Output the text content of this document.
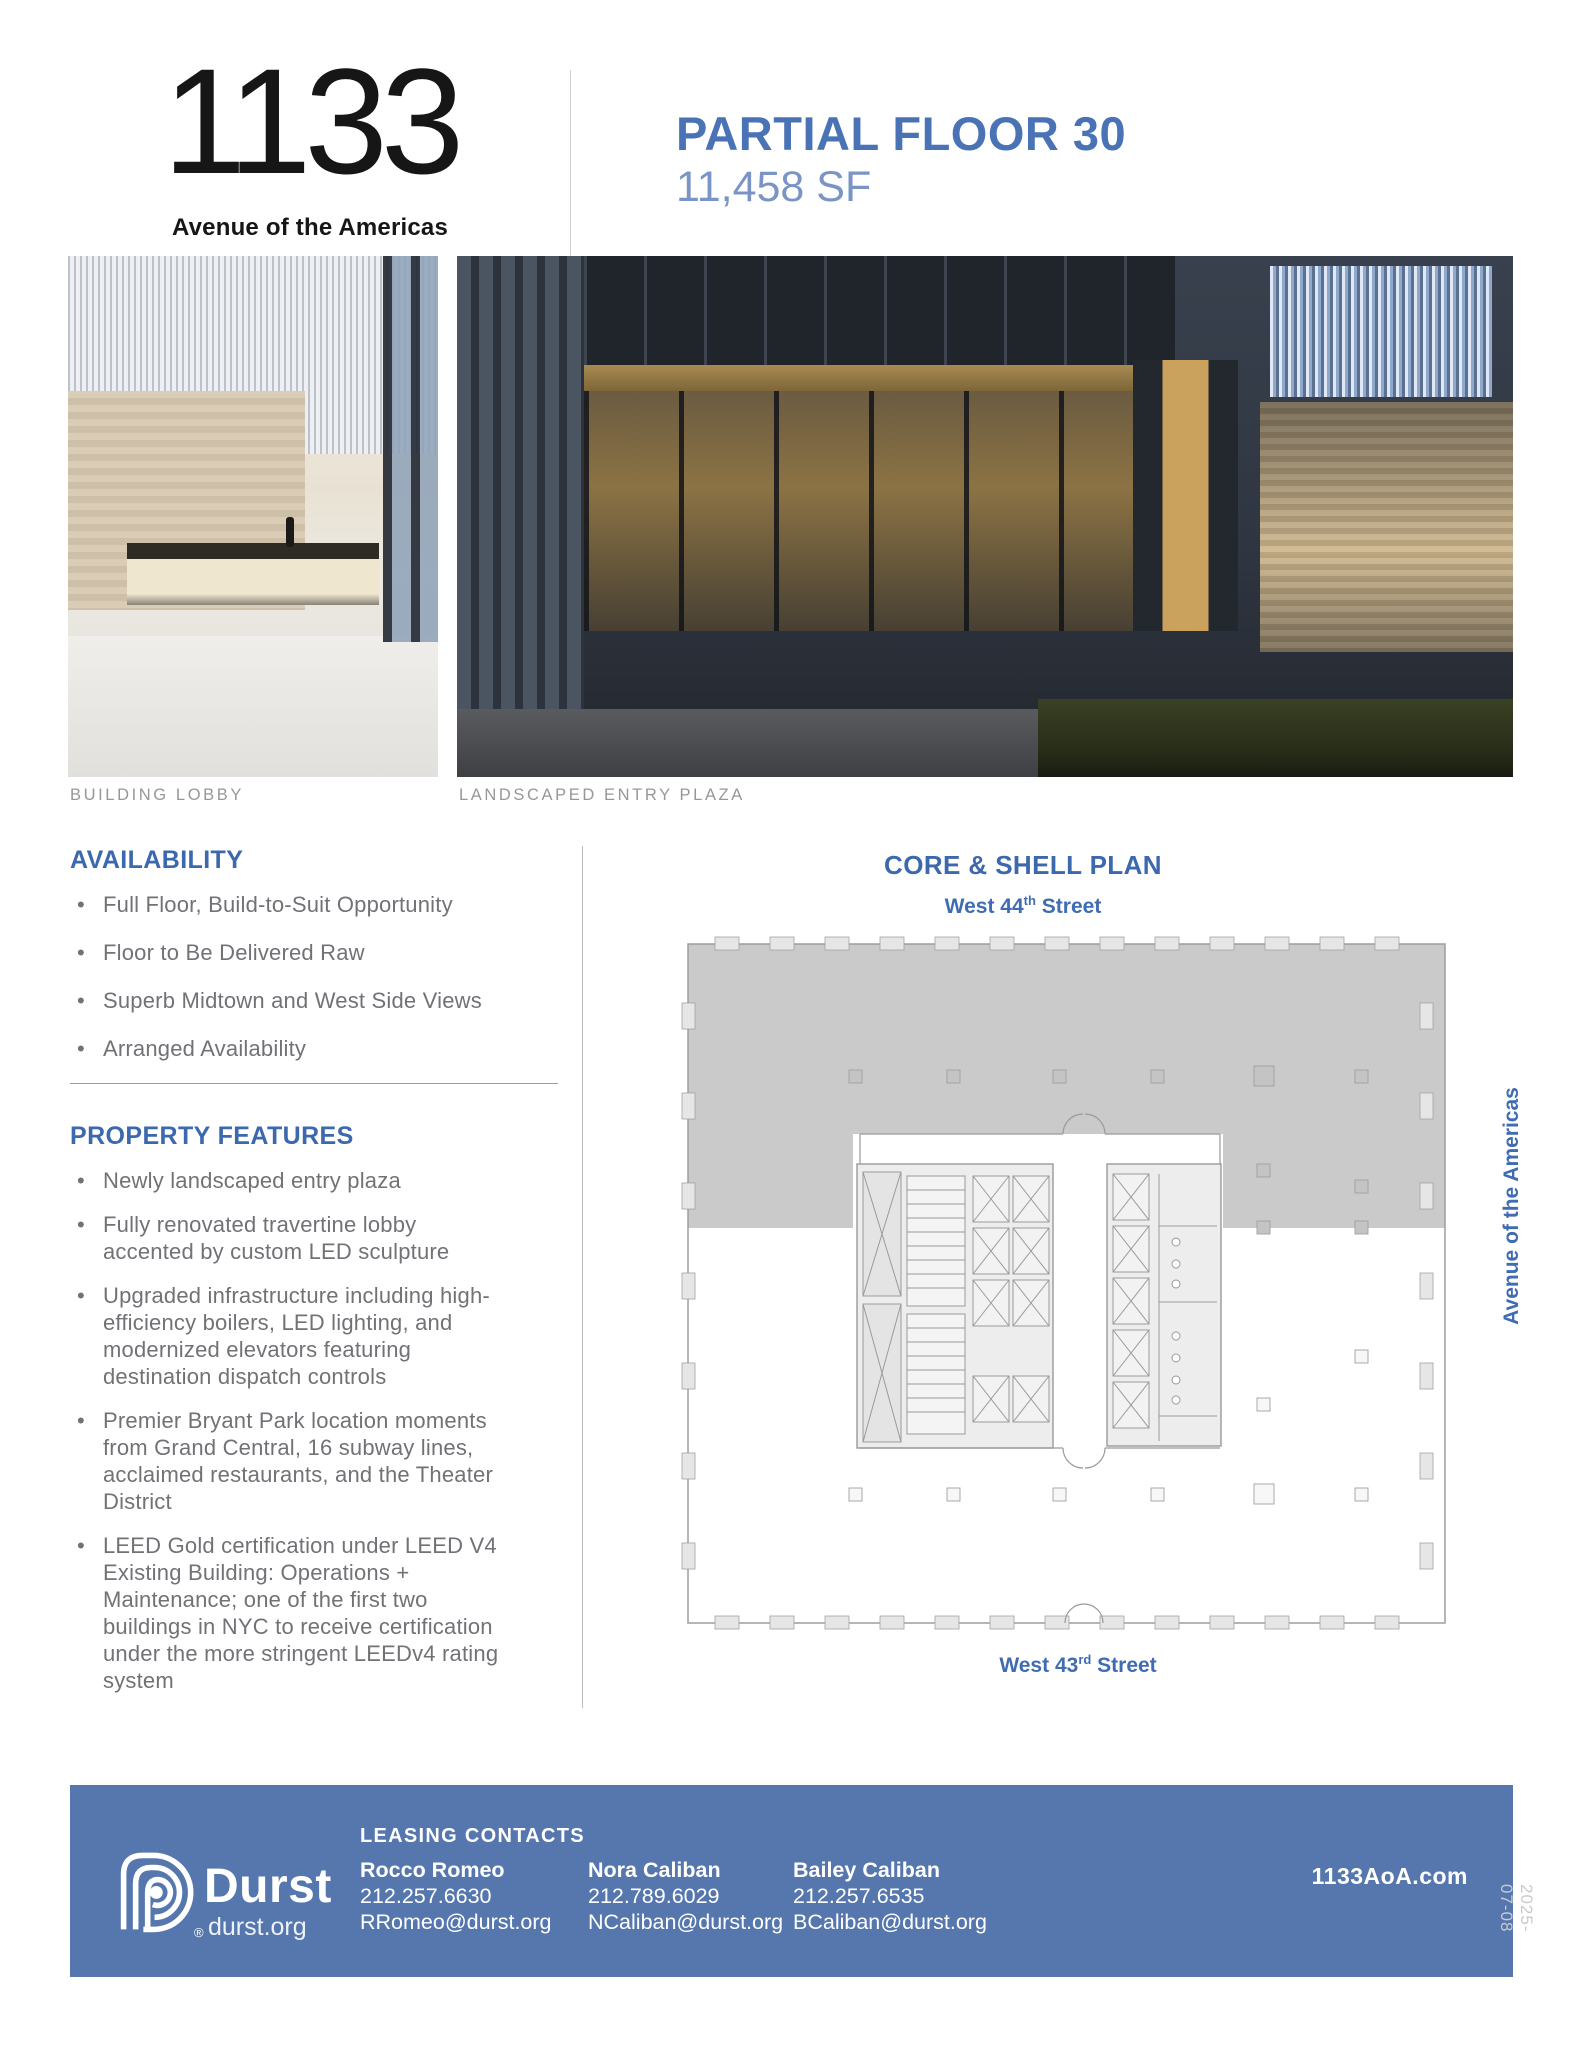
1133
Avenue of the Americas
PARTIAL FLOOR 30
11,458 SF
BUILDING LOBBY	LANDSCAPED ENTRY PLAZA
AVAILABILITY
• Full Floor, Build-to-Suit Opportunity
• Floor to Be Delivered Raw
• Superb Midtown and West Side Views
• Arranged Availability
PROPERTY FEATURES
• Newly landscaped entry plaza
• Fully renovated travertine lobby accented by custom LED sculpture
• Upgraded infrastructure including high-efficiency boilers, LED lighting, and modernized elevators featuring destination dispatch controls
• Premier Bryant Park location moments from Grand Central, 16 subway lines, acclaimed restaurants, and the Theater District
• LEED Gold certification under LEED V4 Existing Building: Operations + Maintenance; one of the first two buildings in NYC to receive certification under the more stringent LEEDv4 rating system
CORE & SHELL PLAN
West 44th Street
West 43rd Street
Avenue of the Americas
®
Durst
durst.org
LEASING CONTACTS
Rocco Romeo
212.257.6630
RRomeo@durst.org
Nora Caliban
212.789.6029
NCaliban@durst.org
Bailey Caliban
212.257.6535
BCaliban@durst.org
1133AoA.com
2025-07-08
